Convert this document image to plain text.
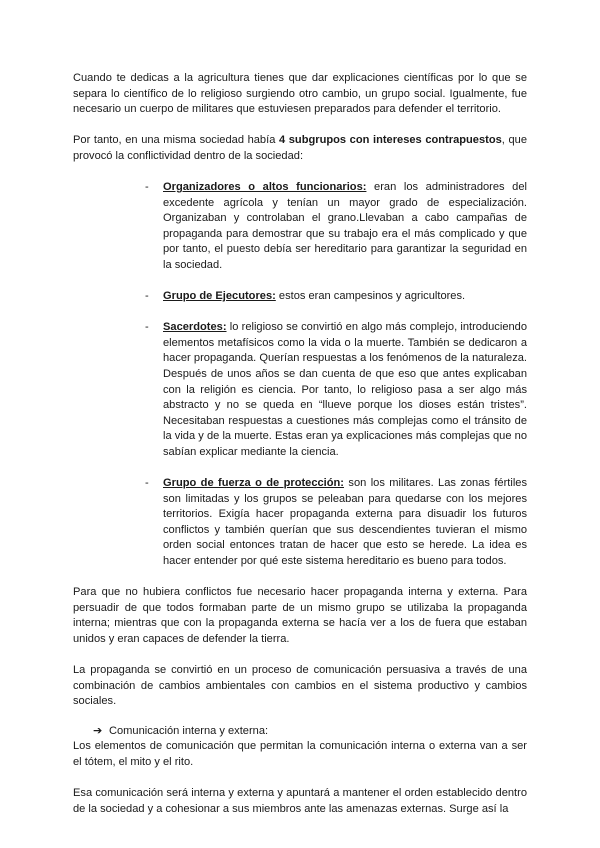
Cuando te dedicas a la agricultura tienes que dar explicaciones científicas por lo que se separa lo científico de lo religioso surgiendo otro cambio, un grupo social. Igualmente, fue necesario un cuerpo de militares que estuviesen preparados para defender el territorio.

Por tanto, en una misma sociedad había 4 subgrupos con intereses contrapuestos, que provocó la conflictividad dentro de la sociedad:

- Organizadores o altos funcionarios: eran los administradores del excedente agrícola y tenían un mayor grado de especialización. Organizaban y controlaban el grano.Llevaban a cabo campañas de propaganda para demostrar que su trabajo era el más complicado y que por tanto, el puesto debía ser hereditario para garantizar la seguridad en la sociedad.
- Grupo de Ejecutores: estos eran campesinos y agricultores.
- Sacerdotes: lo religioso se convirtió en algo más complejo, introduciendo elementos metafísicos como la vida o la muerte. También se dedicaron a hacer propaganda. Querían respuestas a los fenómenos de la naturaleza. Después de unos años se dan cuenta de que eso que antes explicaban con la religión es ciencia. Por tanto, lo religioso pasa a ser algo más abstracto y no se queda en “llueve porque los dioses están tristes”. Necesitaban respuestas a cuestiones más complejas como el tránsito de la vida y de la muerte. Estas eran ya explicaciones más complejas que no sabían explicar mediante la ciencia.
- Grupo de fuerza o de protección: son los militares. Las zonas fértiles son limitadas y los grupos se peleaban para quedarse con los mejores territorios. Exigía hacer propaganda externa para disuadir los futuros conflictos y también querían que sus descendientes tuvieran el mismo orden social entonces tratan de hacer que esto se herede. La idea es hacer entender por qué este sistema hereditario es bueno para todos.

Para que no hubiera conflictos fue necesario hacer propaganda interna y externa. Para persuadir de que todos formaban parte de un mismo grupo se utilizaba la propaganda interna; mientras que con la propaganda externa se hacía ver a los de fuera que estaban unidos y eran capaces de defender la tierra.

La propaganda se convirtió en un proceso de comunicación persuasiva a través de una combinación de cambios ambientales con cambios en el sistema productivo y cambios sociales.

➔ Comunicación interna y externa:

Los elementos de comunicación que permitan la comunicación interna o externa van a ser el tótem, el mito y el rito.

Esa comunicación será interna y externa y apuntará a mantener el orden establecido dentro de la sociedad y a cohesionar a sus miembros ante las amenazas externas. Surge así la
